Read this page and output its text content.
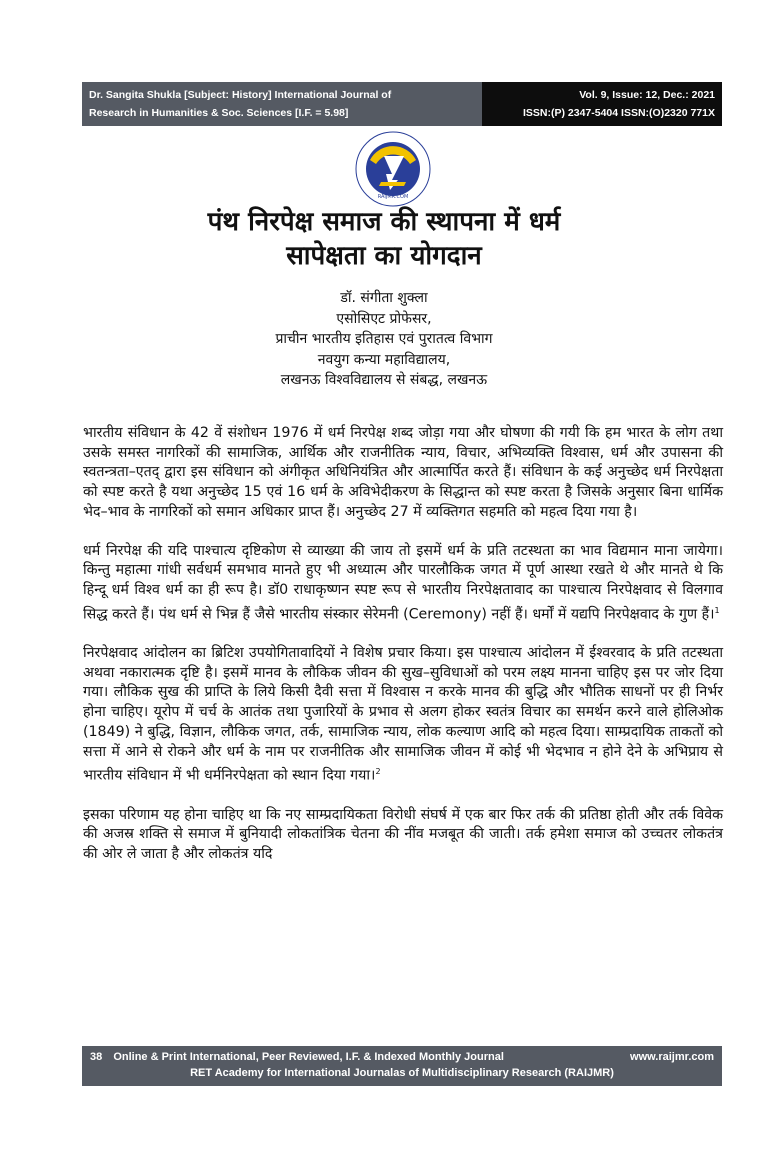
Dr. Sangita Shukla [Subject: History] International Journal of
Research in Humanities & Soc. Sciences [I.F. = 5.98]
Vol. 9, Issue: 12, Dec.: 2021
ISSN:(P) 2347-5404 ISSN:(O)2320 771X
RAIJMR.COM
पंथ निरपेक्ष समाज की स्थापना में धर्म
सापेक्षता का योगदान
डॉ. संगीता शुक्ला
एसोसिएट प्रोफेसर,
प्राचीन भारतीय इतिहास एवं पुरातत्व विभाग
नवयुग कन्या महाविद्यालय,
लखनऊ विश्वविद्यालय से संबद्ध, लखनऊ

भारतीय संविधान के 42 वें संशोधन 1976 में धर्म निरपेक्ष शब्द जोड़ा गया और घोषणा की गयी कि हम भारत के लोग तथा उसके समस्त नागरिकों की सामाजिक, आर्थिक और राजनीतिक न्याय, विचार, अभिव्यक्ति विश्वास, धर्म और उपासना की स्वतन्त्रता–एतद् द्वारा इस संविधान को अंगीकृत अधिनियंत्रित और आत्मार्पित करते हैं। संविधान के कई अनुच्छेद धर्म निरपेक्षता को स्पष्ट करते है यथा अनुच्छेद 15 एवं 16 धर्म के अविभेदीकरण के सिद्धान्त को स्पष्ट करता है जिसके अनुसार बिना धार्मिक भेद–भाव के नागरिकों को समान अधिकार प्राप्त हैं। अनुच्छेद 27 में व्यक्तिगत सहमति को महत्व दिया गया है।

धर्म निरपेक्ष की यदि पाश्चात्य दृष्टिकोण से व्याख्या की जाय तो इसमें धर्म के प्रति तटस्थता का भाव विद्यमान माना जायेगा। किन्तु महात्मा गांधी सर्वधर्म समभाव मानते हुए भी अध्यात्म और पारलौकिक जगत में पूर्ण आस्था रखते थे और मानते थे कि हिन्दू धर्म विश्व धर्म का ही रूप है। डॉ0 राधाकृष्णन स्पष्ट रूप से भारतीय निरपेक्षतावाद का पाश्चात्य निरपेक्षवाद से विलगाव सिद्ध करते हैं। पंथ धर्म से भिन्न हैं जैसे भारतीय संस्कार सेरेमनी (Ceremony) नहीं हैं। धर्मों में यद्यपि निरपेक्षवाद के गुण हैं।$^1$

निरपेक्षवाद आंदोलन का ब्रिटिश उपयोगितावादियों ने विशेष प्रचार किया। इस पाश्चात्य आंदोलन में ईश्वरवाद के प्रति तटस्थता अथवा नकारात्मक दृष्टि है। इसमें मानव के लौकिक जीवन की सुख–सुविधाओं को परम लक्ष्य मानना चाहिए इस पर जोर दिया गया। लौकिक सुख की प्राप्ति के लिये किसी दैवी सत्ता में विश्वास न करके मानव की बुद्धि और भौतिक साधनों पर ही निर्भर होना चाहिए। यूरोप में चर्च के आतंक तथा पुजारियों के प्रभाव से अलग होकर स्वतंत्र विचार का समर्थन करने वाले होलिओक (1849) ने बुद्धि, विज्ञान, लौकिक जगत, तर्क, सामाजिक न्याय, लोक कल्याण आदि को महत्व दिया। साम्प्रदायिक ताकतों को सत्ता में आने से रोकने और धर्म के नाम पर राजनीतिक और सामाजिक जीवन में कोई भी भेदभाव न होने देने के अभिप्राय से भारतीय संविधान में भी धर्मनिरपेक्षता को स्थान दिया गया।$^2$

इसका परिणाम यह होना चाहिए था कि नए साम्प्रदायिकता विरोधी संघर्ष में एक बार फिर तर्क की प्रतिष्ठा होती और तर्क विवेक की अजस्र शक्ति से समाज में बुनियादी लोकतांत्रिक चेतना की नींव मजबूत की जाती। तर्क हमेशा समाज को उच्चतर लोकतंत्र की ओर ले जाता है और लोकतंत्र यदि

38 Online & Print International, Peer Reviewed, I.F. & Indexed Monthly Journal	www.raijmr.com
RET Academy for International Journalas of Multidisciplinary Research (RAIJMR)
